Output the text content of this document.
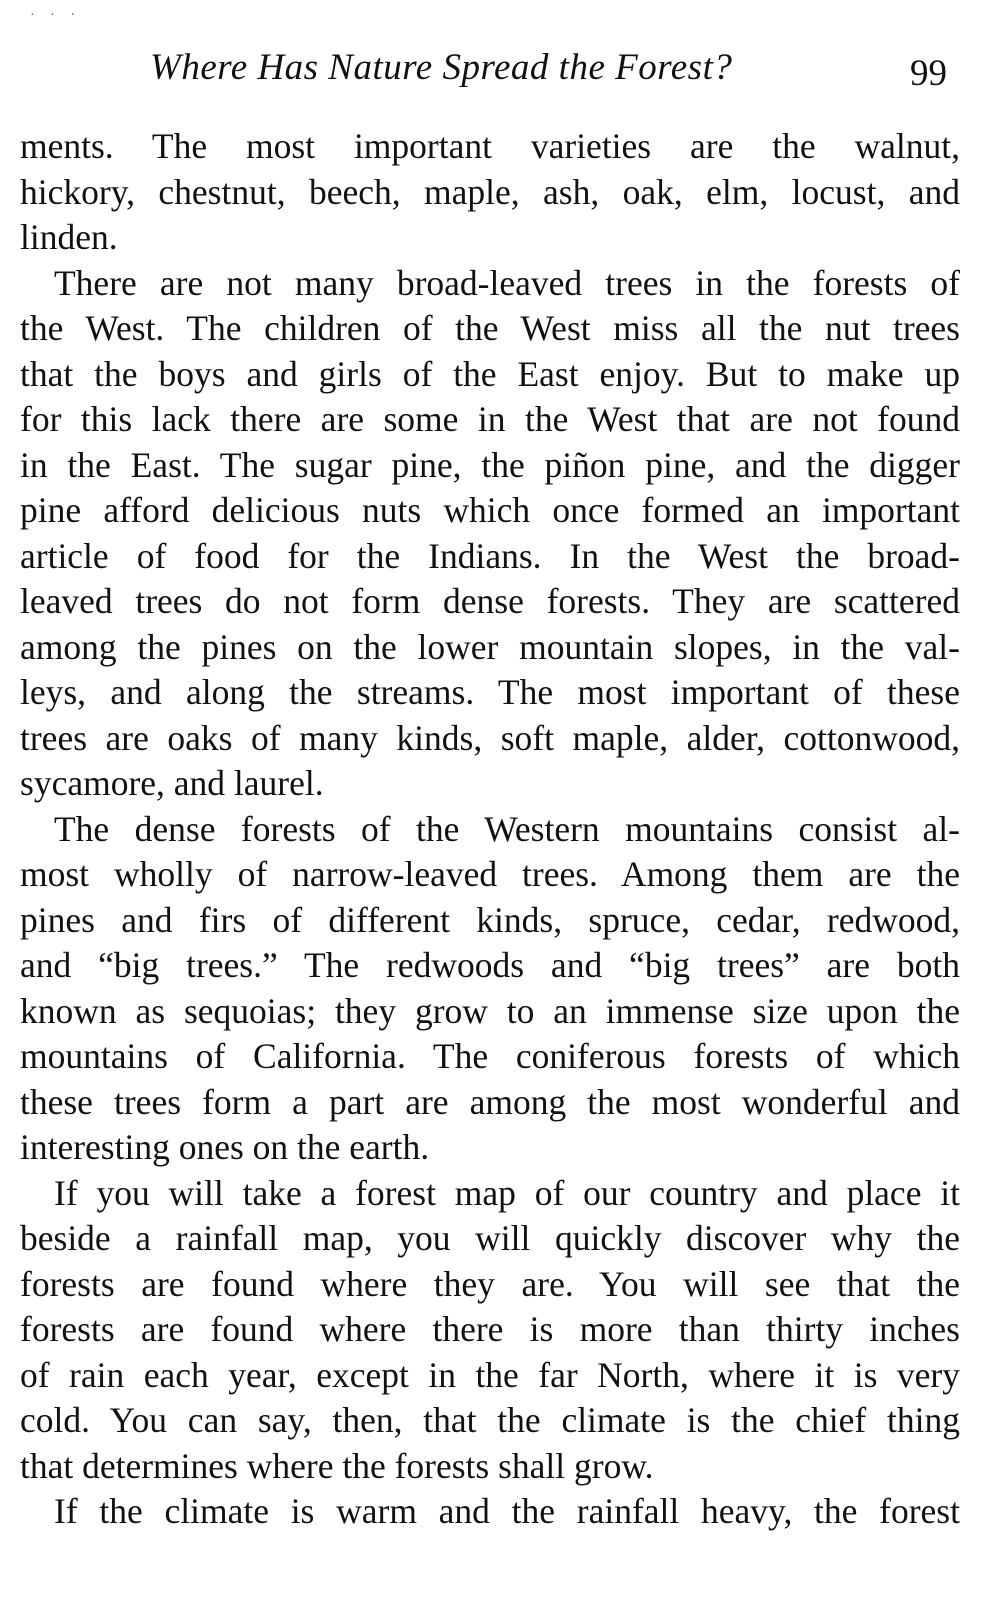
· · ·
Where Has Nature Spread the Forest?	99
ments. The most important varieties are the walnut,
hickory, chestnut, beech, maple, ash, oak, elm, locust, and
linden.
There are not many broad-leaved trees in the forests of
the West. The children of the West miss all the nut trees
that the boys and girls of the East enjoy. But to make up
for this lack there are some in the West that are not found
in the East. The sugar pine, the piñon pine, and the digger
pine afford delicious nuts which once formed an important
article of food for the Indians. In the West the broad-
leaved trees do not form dense forests. They are scattered
among the pines on the lower mountain slopes, in the val-
leys, and along the streams. The most important of these
trees are oaks of many kinds, soft maple, alder, cottonwood,
sycamore, and laurel.
The dense forests of the Western mountains consist al-
most wholly of narrow-leaved trees. Among them are the
pines and firs of different kinds, spruce, cedar, redwood,
and “big trees.” The redwoods and “big trees” are both
known as sequoias; they grow to an immense size upon the
mountains of California. The coniferous forests of which
these trees form a part are among the most wonderful and
interesting ones on the earth.
If you will take a forest map of our country and place it
beside a rainfall map, you will quickly discover why the
forests are found where they are. You will see that the
forests are found where there is more than thirty inches
of rain each year, except in the far North, where it is very
cold. You can say, then, that the climate is the chief thing
that determines where the forests shall grow.
If the climate is warm and the rainfall heavy, the forest
